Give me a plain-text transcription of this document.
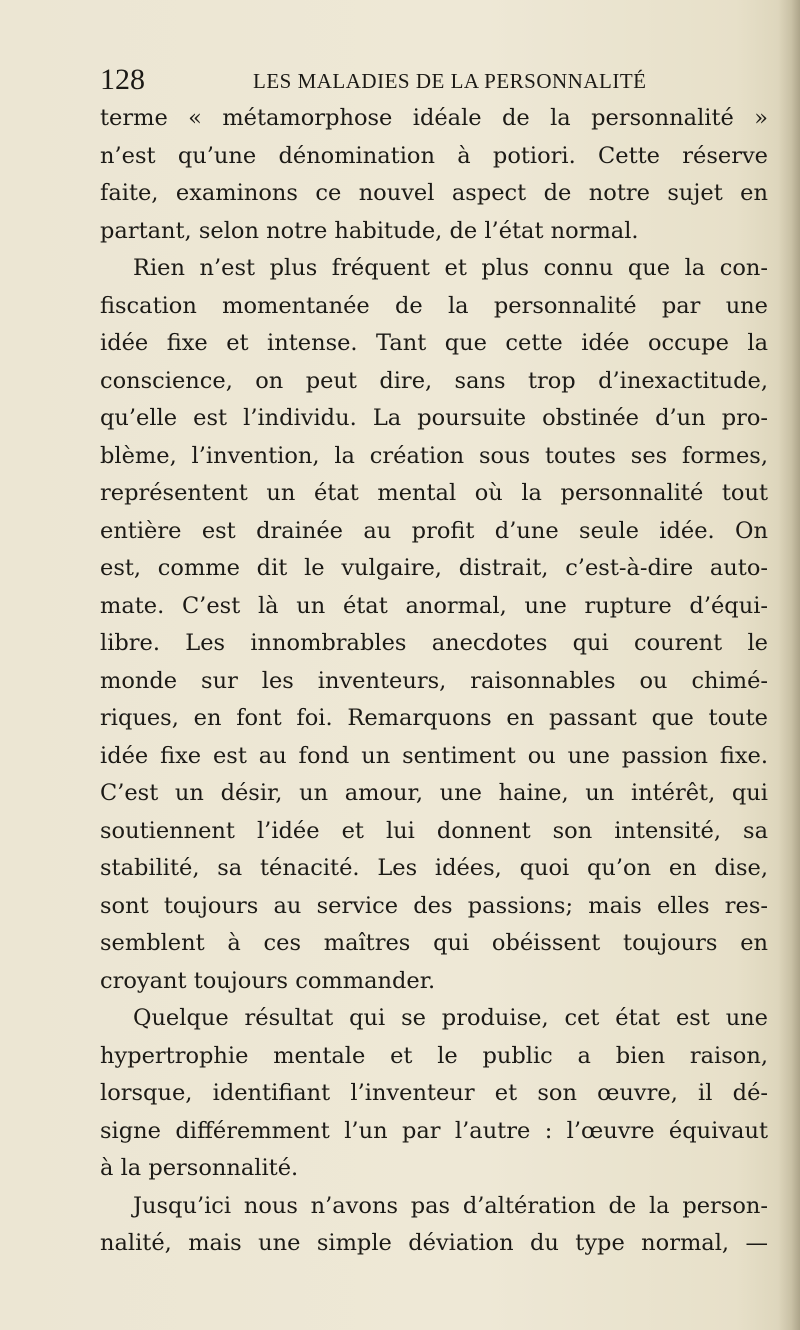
128	LES MALADIES DE LA PERSONNALITÉ
terme « métamorphose idéale de la personnalité »
n’est qu’une dénomination à potiori. Cette réserve
faite, examinons ce nouvel aspect de notre sujet en
partant, selon notre habitude, de l’état normal.
Rien n’est plus fréquent et plus connu que la con-
fiscation momentanée de la personnalité par une
idée fixe et intense. Tant que cette idée occupe la
conscience, on peut dire, sans trop d’inexactitude,
qu’elle est l’individu. La poursuite obstinée d’un pro-
blème, l’invention, la création sous toutes ses formes,
représentent un état mental où la personnalité tout
entière est drainée au profit d’une seule idée. On
est, comme dit le vulgaire, distrait, c’est-à-dire auto-
mate. C’est là un état anormal, une rupture d’équi-
libre. Les innombrables anecdotes qui courent le
monde sur les inventeurs, raisonnables ou chimé-
riques, en font foi. Remarquons en passant que toute
idée fixe est au fond un sentiment ou une passion fixe.
C’est un désir, un amour, une haine, un intérêt, qui
soutiennent l’idée et lui donnent son intensité, sa
stabilité, sa ténacité. Les idées, quoi qu’on en dise,
sont toujours au service des passions; mais elles res-
semblent à ces maîtres qui obéissent toujours en
croyant toujours commander.
Quelque résultat qui se produise, cet état est une
hypertrophie mentale et le public a bien raison,
lorsque, identifiant l’inventeur et son œuvre, il dé-
signe différemment l’un par l’autre : l’œuvre équivaut
à la personnalité.
Jusqu’ici nous n’avons pas d’altération de la person-
nalité, mais une simple déviation du type normal, —
